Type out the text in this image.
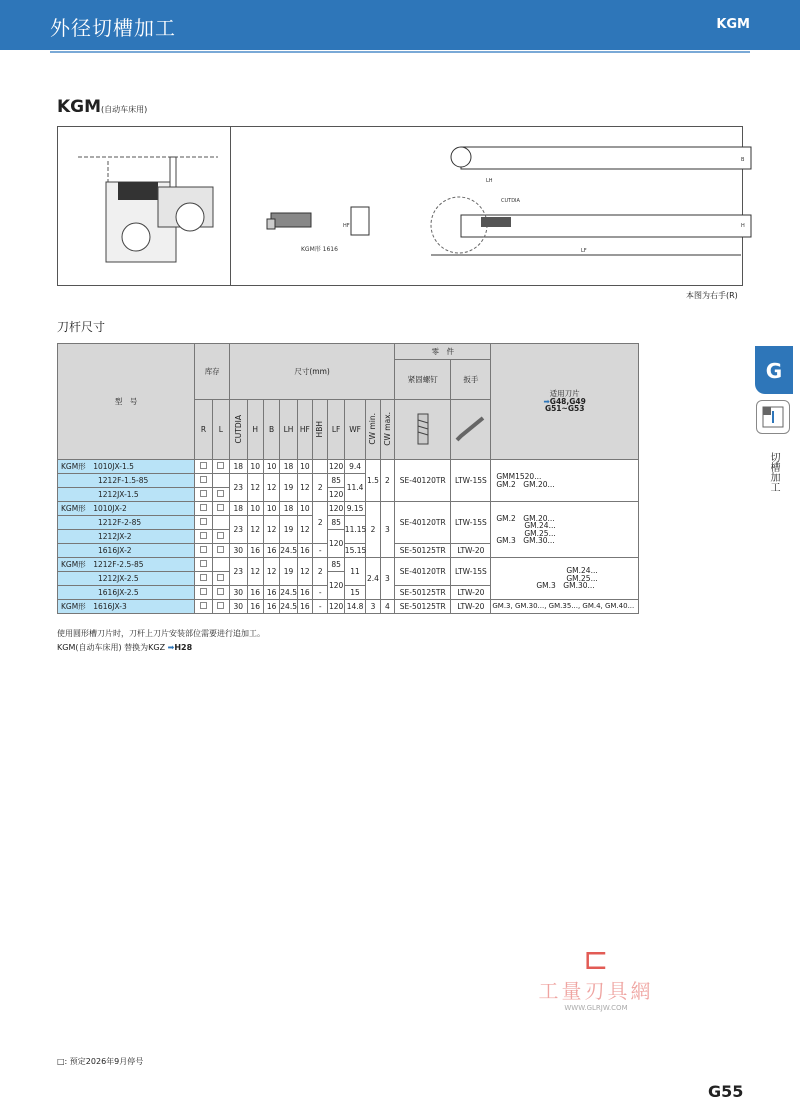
外径切槽加工	KGM
KGM(自动车床用)
KGM形 1616
HF
LF
LH
B
H
CUTDIA
本图为右手(R)
刀杆尺寸
型　号	库存		尺寸(mm)										零　件		适用刀片
➡G48,G49
G51~G53
													紧固螺钉	扳手	
	R	L	CUTDIA	H	B	LH	HF	HBH	LF	WF	CW min.	CW max.		
KGM形　 1010JX-1.5			18	10	10	18	10		120	9.4	1.5	2	SE-40120TR	LTW-15S	GMM1520...
GM.2　GM.20...
1212F-1.5-85			23	12	12	19	12	2	85	11.4					
1212JX-1.5									120						
KGM形　 1010JX-2			18	10	10	18	10	2	120	9.15	2	3	SE-40120TR	LTW-15S	GM.2　GM.20...
GM.24...
GM.25...
GM.3　GM.30...
1212F-2-85			23	12	12	19	12		85	11.15					
1212JX-2									120						
1616JX-2			30	16	16	24.5	16	-		15.15			SE-50125TR	LTW-20	
KGM形　 1212F-2.5-85			23	12	12	19	12	2	85	11	2.4	3	SE-40120TR	LTW-15S	GM.24...
GM.25...
GM.3　GM.30...
1212JX-2.5									120						
1616JX-2.5			30	16	16	24.5	16	-		15			SE-50125TR	LTW-20	
KGM形　 1616JX-3			30	16	16	24.5	16	-	120	14.8	3	4	SE-50125TR	LTW-20	GM.3, GM.30..., GM.35..., GM.4, GM.40...
使用圆形槽刀片时，刀杆上刀片安装部位需要进行追加工。
KGM(自动车床用) 替换为KGZ ➡H28
G
切槽加工
⊏
工量刃具網
WWW.GLRJW.COM
□: 预定2026年9月停号
G55
